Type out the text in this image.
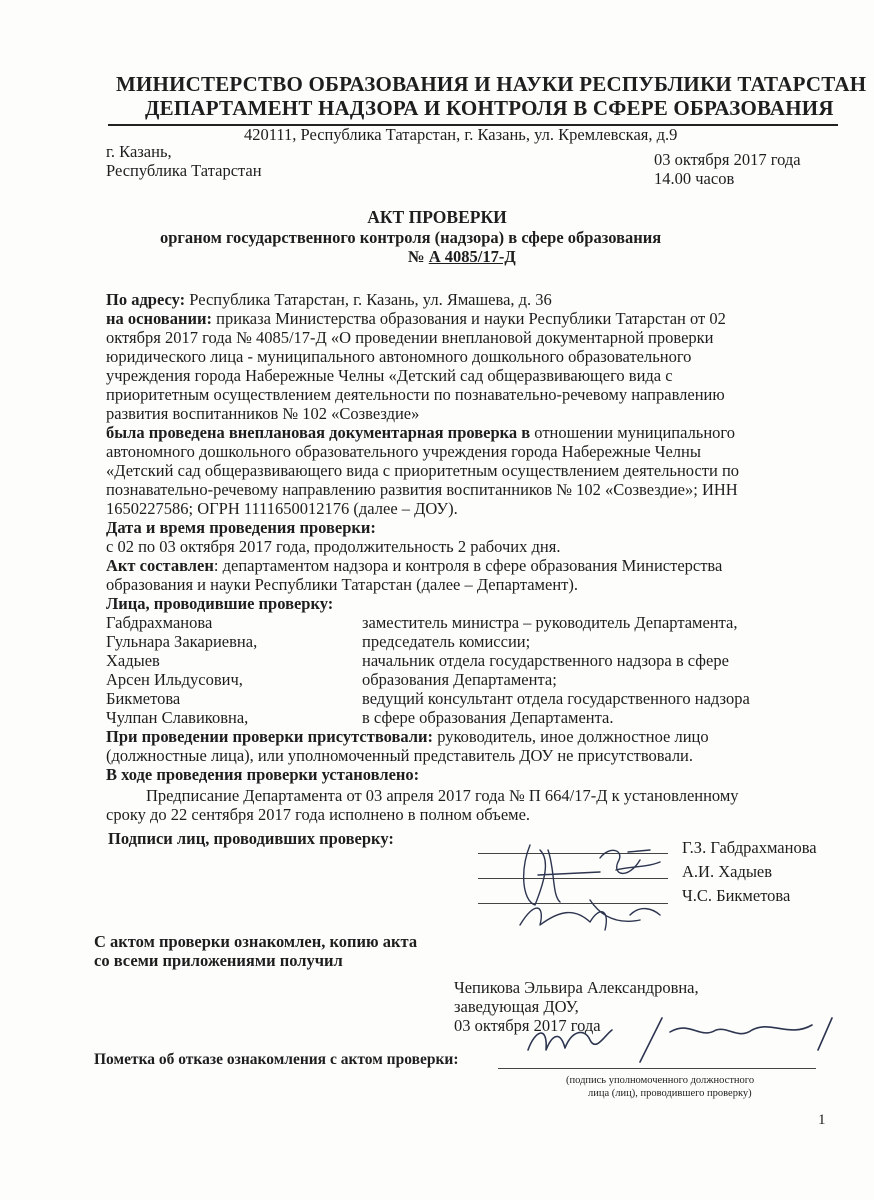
МИНИСТЕРСТВО ОБРАЗОВАНИЯ И НАУКИ РЕСПУБЛИКИ ТАТАРСТАН
ДЕПАРТАМЕНТ НАДЗОРА И КОНТРОЛЯ В СФЕРЕ ОБРАЗОВАНИЯ
420111, Республика Татарстан, г. Казань, ул. Кремлевская, д.9
г. Казань,
Республика Татарстан
03 октября 2017 года
14.00 часов
АКТ ПРОВЕРКИ
органом государственного контроля (надзора) в сфере образования
№ А 4085/17-Д
По адресу: Республика Татарстан, г. Казань, ул. Ямашева, д. 36
на основании: приказа Министерства образования и науки Республики Татарстан от 02
октября 2017 года № 4085/17-Д «О проведении внеплановой документарной проверки
юридического лица - муниципального автономного дошкольного образовательного
учреждения города Набережные Челны «Детский сад общеразвивающего вида с
приоритетным осуществлением деятельности по познавательно-речевому направлению
развития воспитанников № 102 «Созвездие»
была проведена внеплановая документарная проверка в отношении муниципального
автономного дошкольного образовательного учреждения города Набережные Челны
«Детский сад общеразвивающего вида с приоритетным осуществлением деятельности по
познавательно-речевому направлению развития воспитанников № 102 «Созвездие»; ИНН
1650227586; ОГРН 1111650012176 (далее – ДОУ).
Дата и время проведения проверки:
с 02 по 03 октября 2017 года, продолжительность 2 рабочих дня.
Акт составлен: департаментом надзора и контроля в сфере образования Министерства
образования и науки Республики Татарстан (далее – Департамент).
Лица, проводившие проверку:
Габдрахманова
Гульнара Закариевна,
заместитель министра – руководитель Департамента,
председатель комиссии;
Хадыев
Арсен Ильдусович,
начальник отдела государственного надзора в сфере
образования Департамента;
Бикметова
Чулпан Славиковна,
ведущий консультант отдела государственного надзора
в сфере образования Департамента.
При проведении проверки присутствовали: руководитель, иное должностное лицо
(должностные лица), или уполномоченный представитель ДОУ не присутствовали.
В ходе проведения проверки установлено:
Предписание Департамента от 03 апреля 2017 года № П 664/17-Д к установленному
сроку до 22 сентября 2017 года исполнено в полном объеме.
Подписи лиц, проводивших проверку:	Г.З. Габдрахманова
А.И. Хадыев
Ч.С. Бикметова
С актом проверки ознакомлен, копию акта
со всеми приложениями получил
Чепикова Эльвира Александровна,
заведующая ДОУ,
03 октября 2017 года
Пометка об отказе ознакомления с актом проверки:
(подпись уполномоченного должностного
лица (лиц), проводившего проверку)
1
